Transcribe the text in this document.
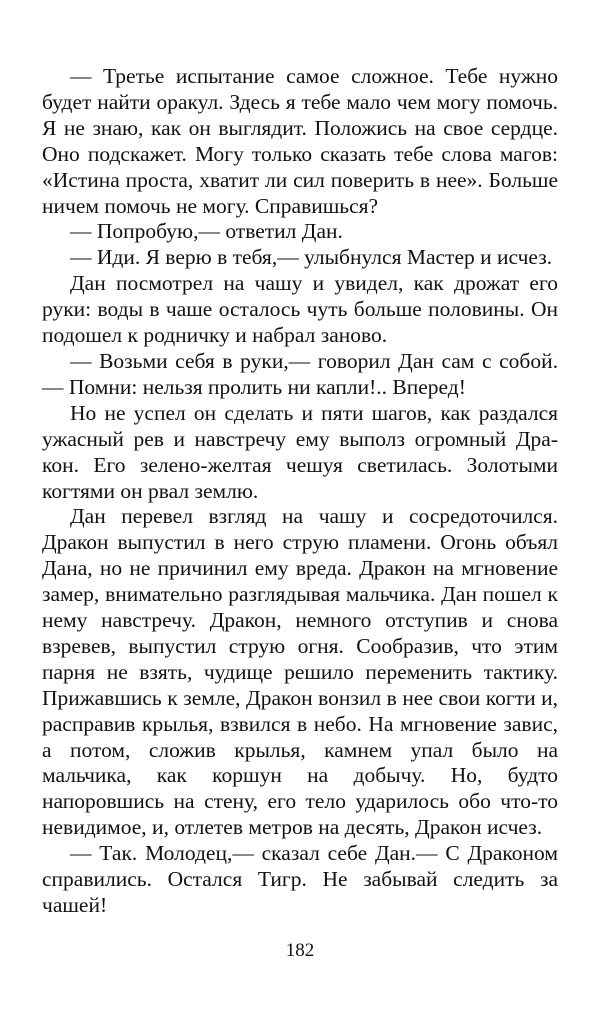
— Третье испытание самое сложное. Тебе нужно будет найти оракул. Здесь я тебе мало чем могу помочь. Я не знаю, как он выглядит. Положись на свое сердце. Оно подскажет. Могу только сказать тебе слова магов: «Истина проста, хватит ли сил поверить в нее». Больше ничем помочь не могу. Справишься?

— Попробую,— ответил Дан.

— Иди. Я верю в тебя,— улыбнулся Мастер и исчез.

Дан посмотрел на чашу и увидел, как дрожат его руки: воды в чаше осталось чуть больше половины. Он подошел к родничку и набрал заново.

— Возьми себя в руки,— говорил Дан сам с собой.— Помни: нельзя пролить ни капли!.. Вперед!

Но не успел он сделать и пяти шагов, как раздался ужасный рев и навстречу ему выполз огромный Дракон. Его зелено-желтая чешуя светилась. Золотыми когтями он рвал землю.

Дан перевел взгляд на чашу и сосредоточился. Дракон выпустил в него струю пламени. Огонь объял Дана, но не причинил ему вреда. Дракон на мгновение замер, внимательно разглядывая мальчика. Дан пошел к нему навстречу. Дракон, немного отступив и снова взревев, выпустил струю огня. Сообразив, что этим парня не взять, чудище решило переменить тактику. Прижавшись к земле, Дракон вонзил в нее свои когти и, расправив крылья, взвился в небо. На мгновение завис, а потом, сложив крылья, камнем упал было на мальчика, как коршун на добычу. Но, будто напоровшись на стену, его тело ударилось обо что-то невидимое, и, отлетев метров на десять, Дракон исчез.

— Так. Молодец,— сказал себе Дан.— С Драконом справились. Остался Тигр. Не забывай следить за чашей!

182
